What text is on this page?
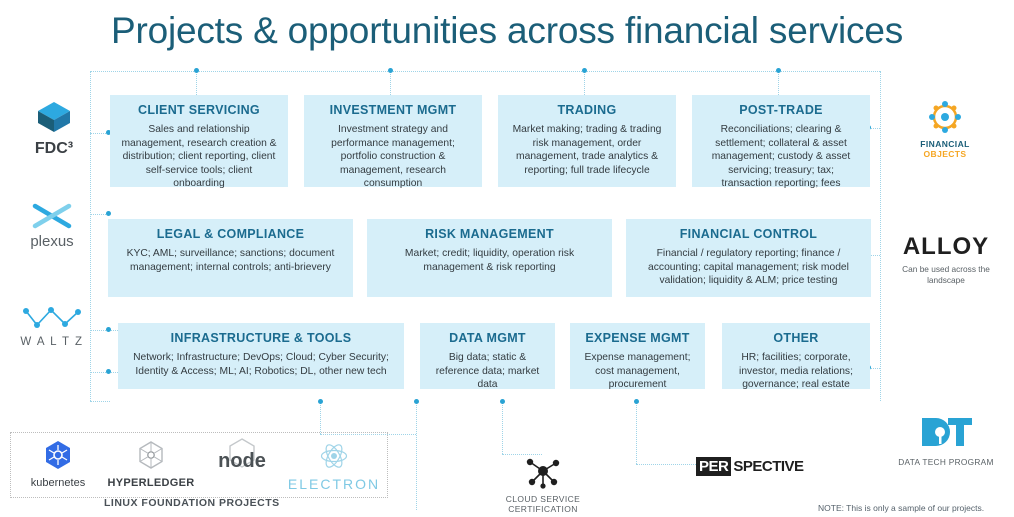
Projects & opportunities across financial services
CLIENT SERVICING
Sales and relationship management, research creation & distribution; client reporting, client self-service tools; client onboarding
INVESTMENT MGMT
Investment strategy and performance management; portfolio construction & management, research consumption
TRADING
Market making; trading & trading risk management, order management, trade analytics & reporting; full trade lifecycle
POST-TRADE
Reconciliations; clearing & settlement; collateral & asset management; custody & asset servicing; treasury; tax; transaction reporting; fees
LEGAL & COMPLIANCE
KYC; AML; surveillance; sanctions; document management; internal controls; anti-brievery
RISK MANAGEMENT
Market; credit; liquidity, operation risk management & risk reporting
FINANCIAL CONTROL
Financial / regulatory reporting; finance / accounting; capital management; risk model validation; liquidity & ALM; price testing
INFRASTRUCTURE & TOOLS
Network; Infrastructure; DevOps; Cloud; Cyber Security; Identity & Access; ML; AI; Robotics; DL, other new tech
DATA MGMT
Big data; static & reference data; market data
EXPENSE MGMT
Expense management; cost management, procurement
OTHER
HR; facilities; corporate, investor, media relations; governance; real estate
FDC³
plexus
W A L T Z
FINANCIAL
OBJECTS
ALLOY
Can be used across the landscape
DATA TECH PROGRAM
kubernetes	HYPERLEDGER
node
ELECTRON
LINUX FOUNDATION PROJECTS	CLOUD SERVICE
CERTIFICATION
PER SPECTIVE
NOTE: This is only a sample of our projects.
